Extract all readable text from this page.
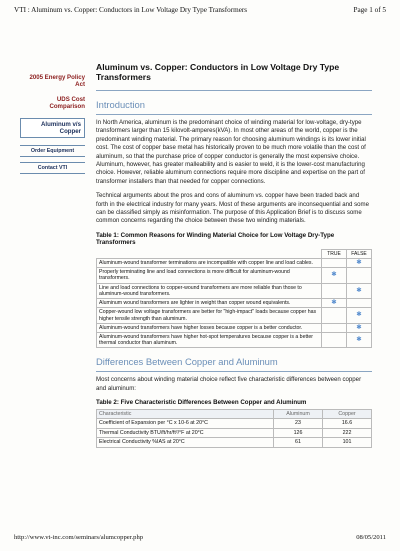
VTI : Aluminum vs. Copper: Conductors in Low Voltage Dry Type Transformers	Page 1 of 5
2005 Energy Policy Act
UDS Cost Comparison
Aluminum v/s Copper
Order Equipment
Contact VTI
Aluminum vs. Copper: Conductors in Low Voltage Dry Type Transformers
Introduction

In North America, aluminum is the predominant choice of winding material for low-voltage, dry-type transformers larger than 15 kilovolt-amperes(kVA). In most other areas of the world, copper is the predominant winding material. The primary reason for choosing aluminum windings is its lower initial cost. The cost of copper base metal has historically proven to be much more volatile than the cost of aluminum, so that the purchase price of copper conductor is generally the most expensive choice. Aluminum, however, has greater malleability and is easier to weld, it is the lower-cost manufacturing choice. However, reliable aluminum connections require more discipline and expertise on the part of transformer installers than that needed for copper connections.

Technical arguments about the pros and cons of aluminum vs. copper have been traded back and forth in the electrical industry for many years. Most of these arguments are inconsequential and some can be classified simply as misinformation. The purpose of this Application Brief is to discuss some common concerns regarding the choice between these two winding materials.

Table 1: Common Reasons for Winding Material Choice for Low Voltage Dry-Type Transformers
	TRUE	FALSE
Aluminum-wound transformer terminations are incompatible with copper line and load cables.		✱
Properly terminating line and load connections is more difficult for aluminum-wound transformers.	✱	
Line and load connections to copper-wound transformers are more reliable than those to aluminum-wound transformers.		✱
Aluminum wound transformers are lighter in weight than copper wound equivalents.	✱	
Copper-wound low voltage transformers are better for "high-impact" loads because copper has higher tensile strength than aluminum.		✱
Aluminum-wound transformers have higher losses because copper is a better conductor.		✱
Aluminum-wound transformers have higher hot-spot temperatures because copper is a better thermal conductor than aluminum.		✱
Differences Between Copper and Aluminum

Most concerns about winding material choice reflect five characteristic differences between copper and aluminum:

Table 2: Five Characteristic Differences Between Copper and Aluminum
Characteristic	Aluminum	Copper
Coefficient of Expansion per °C x 10-6 at 20°C	23	16.6
Thermal Conductivity BTU/ft/hr/ft²/°F at 20°C	126	222
Electrical Conductivity %IAS at 20°C	61	101
http://www.vt-inc.com/seminars/alumcopper.php	08/05/2011
